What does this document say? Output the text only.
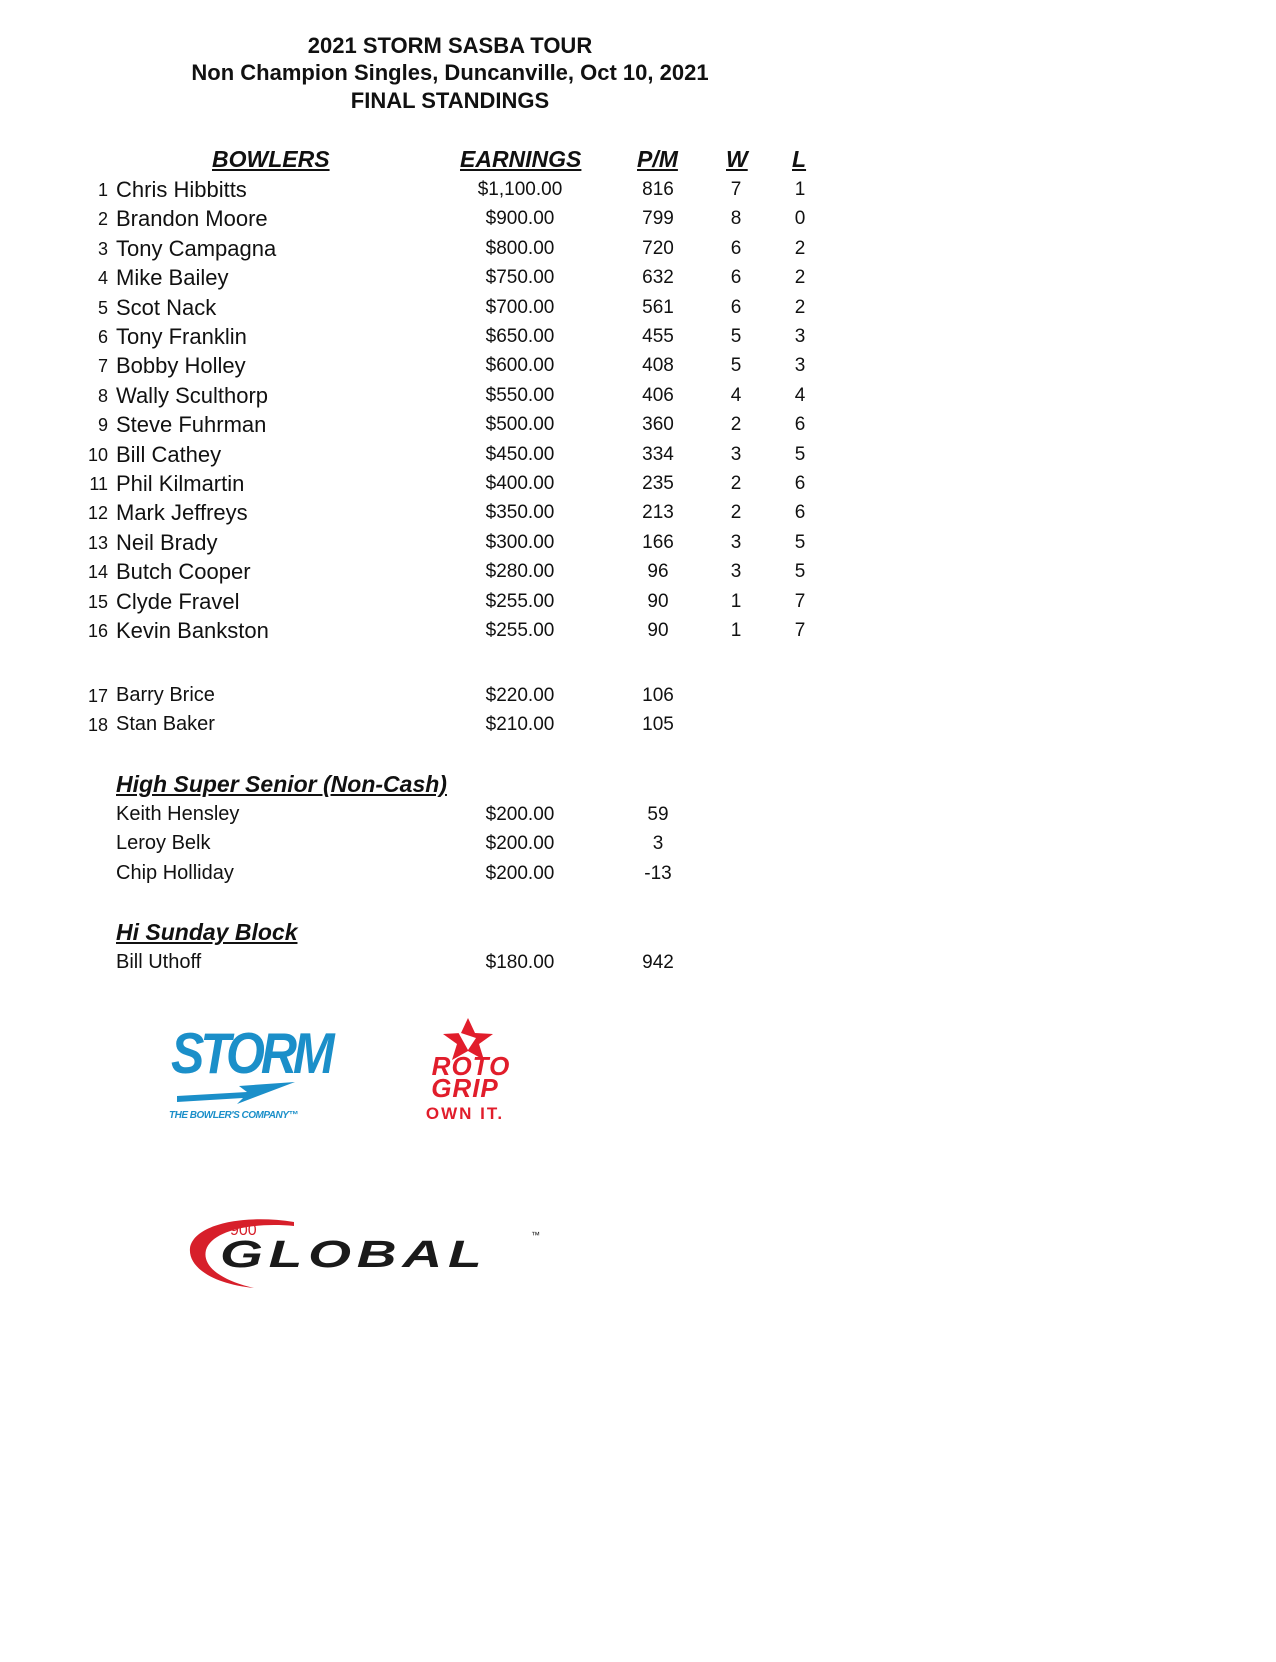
2021 STORM SASBA TOUR
Non Champion Singles, Duncanville, Oct 10, 2021
FINAL STANDINGS
BOWLERS	EARNINGS P/M W L
1 Chris Hibbitts	$1,100.00	816	7	1
2 Brandon Moore	$900.00	799	8	0
3 Tony Campagna	$800.00	720	6	2
4 Mike Bailey	$750.00	632	6	2
5 Scot Nack	$700.00	561	6	2
6 Tony Franklin	$650.00	455	5	3
7 Bobby Holley	$600.00	408	5	3
8 Wally Sculthorp	$550.00	406	4	4
9 Steve Fuhrman	$500.00	360	2	6
10 Bill Cathey	$450.00	334	3	5
11 Phil Kilmartin	$400.00	235	2	6
12 Mark Jeffreys	$350.00	213	2	6
13 Neil Brady	$300.00	166	3	5
14 Butch Cooper	$280.00	96	3	5
15 Clyde Fravel	$255.00	90	1	7
16 Kevin Bankston	$255.00	90	1	7
17 Barry Brice	$220.00	106
18 Stan Baker	$210.00	105
High Super Senior (Non-Cash)
Keith Hensley	$200.00	59
Leroy Belk	$200.00	3
Chip Holliday	$200.00	-13
Hi Sunday Block
Bill Uthoff	$180.00	942
STORM
THE BOWLER'S COMPANY™
ROTO
GRIP
OWN IT.
900
GLOBAL	™
